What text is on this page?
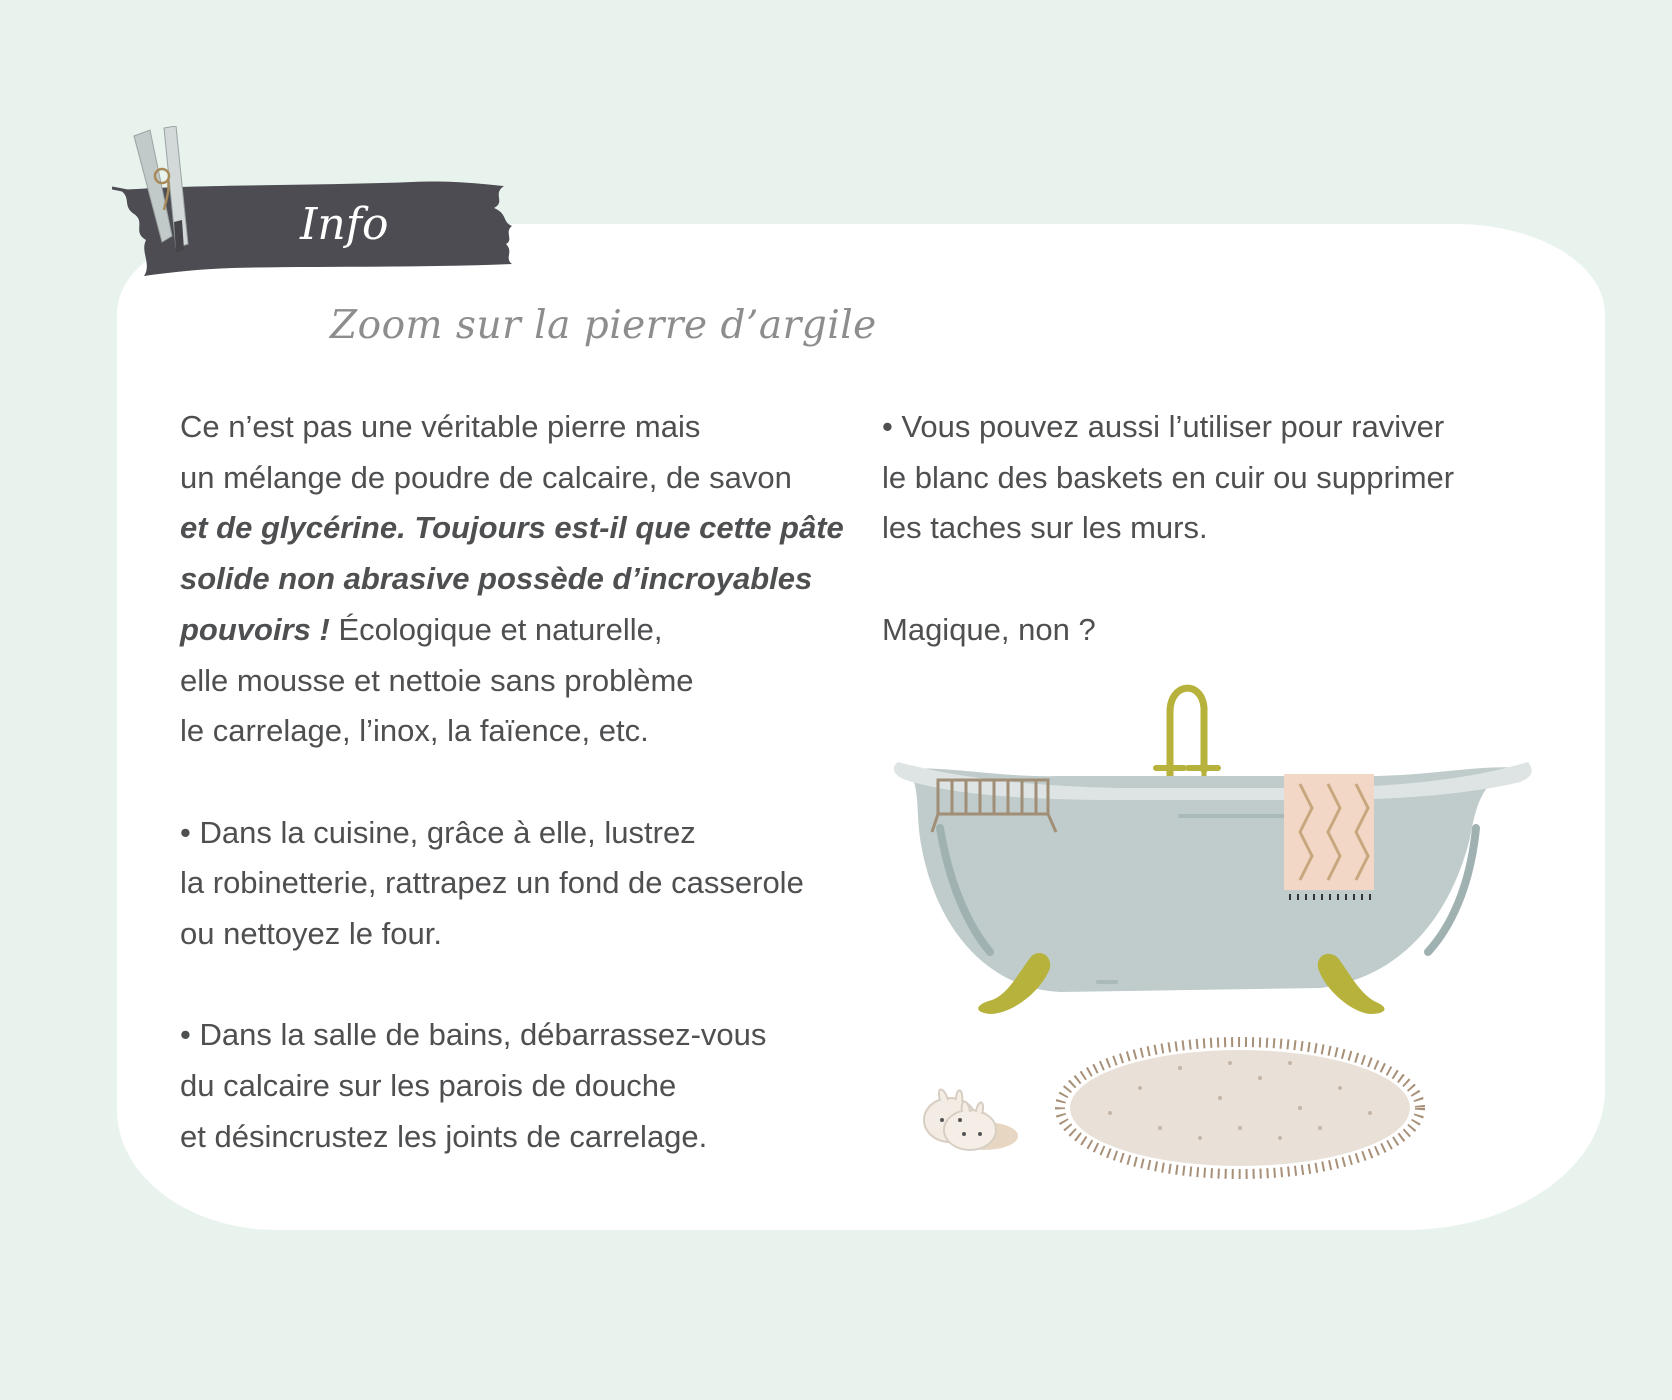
Info
Zoom sur la pierre d’argile

Ce n’est pas une véritable pierre mais
un mélange de poudre de calcaire, de savon
et de glycérine. Toujours est-il que cette pâte
solide non abrasive possède d’incroyables
pouvoirs ! Écologique et naturelle,
elle mousse et nettoie sans problème
le carrelage, l’inox, la faïence, etc.

• Dans la cuisine, grâce à elle, lustrez
la robinetterie, rattrapez un fond de casserole
ou nettoyez le four.

• Dans la salle de bains, débarrassez-vous
du calcaire sur les parois de douche
et désincrustez les joints de carrelage.

• Vous pouvez aussi l’utiliser pour raviver
le blanc des baskets en cuir ou supprimer
les taches sur les murs.

Magique, non ?
